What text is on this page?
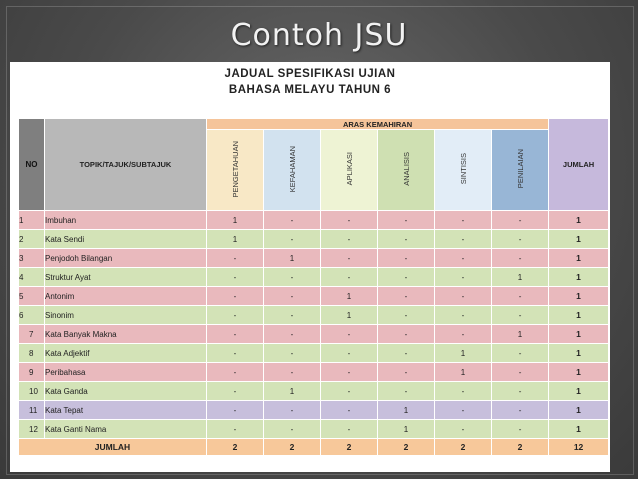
Contoh JSU
JADUAL SPESIFIKASI UJIAN
BAHASA MELAYU TAHUN 6
NO	TOPIK/TAJUK/SUBTAJUK	ARAS KEMAHIRAN						JUMLAH
		PENGETAHUAN	KEFAHAMAN	APLIKASI	ANALISIS	SINTISIS	PENILAIAN	
1	Imbuhan	1	-	-	-	-	-	1
2	Kata Sendi	1	-	-	-	-	-	1
3	Penjodoh Bilangan	-	1	-	-	-	-	1
4	Struktur Ayat	-	-	-	-	-	1	1
5	Antonim	-	-	1	-	-	-	1
6	Sinonim	-	-	1	-	-	-	1
7	Kata Banyak Makna	-	-	-	-	-	1	1
8	Kata Adjektif	-	-	-	-	1	-	1
9	Peribahasa	-	-	-	-	1	-	1
10	Kata Ganda	-	1	-	-	-	-	1
11	Kata Tepat	-	-	-	1	-	-	1
12	Kata Ganti Nama	-	-	-	1	-	-	1
JUMLAH		2	2	2	2	2	2	12
